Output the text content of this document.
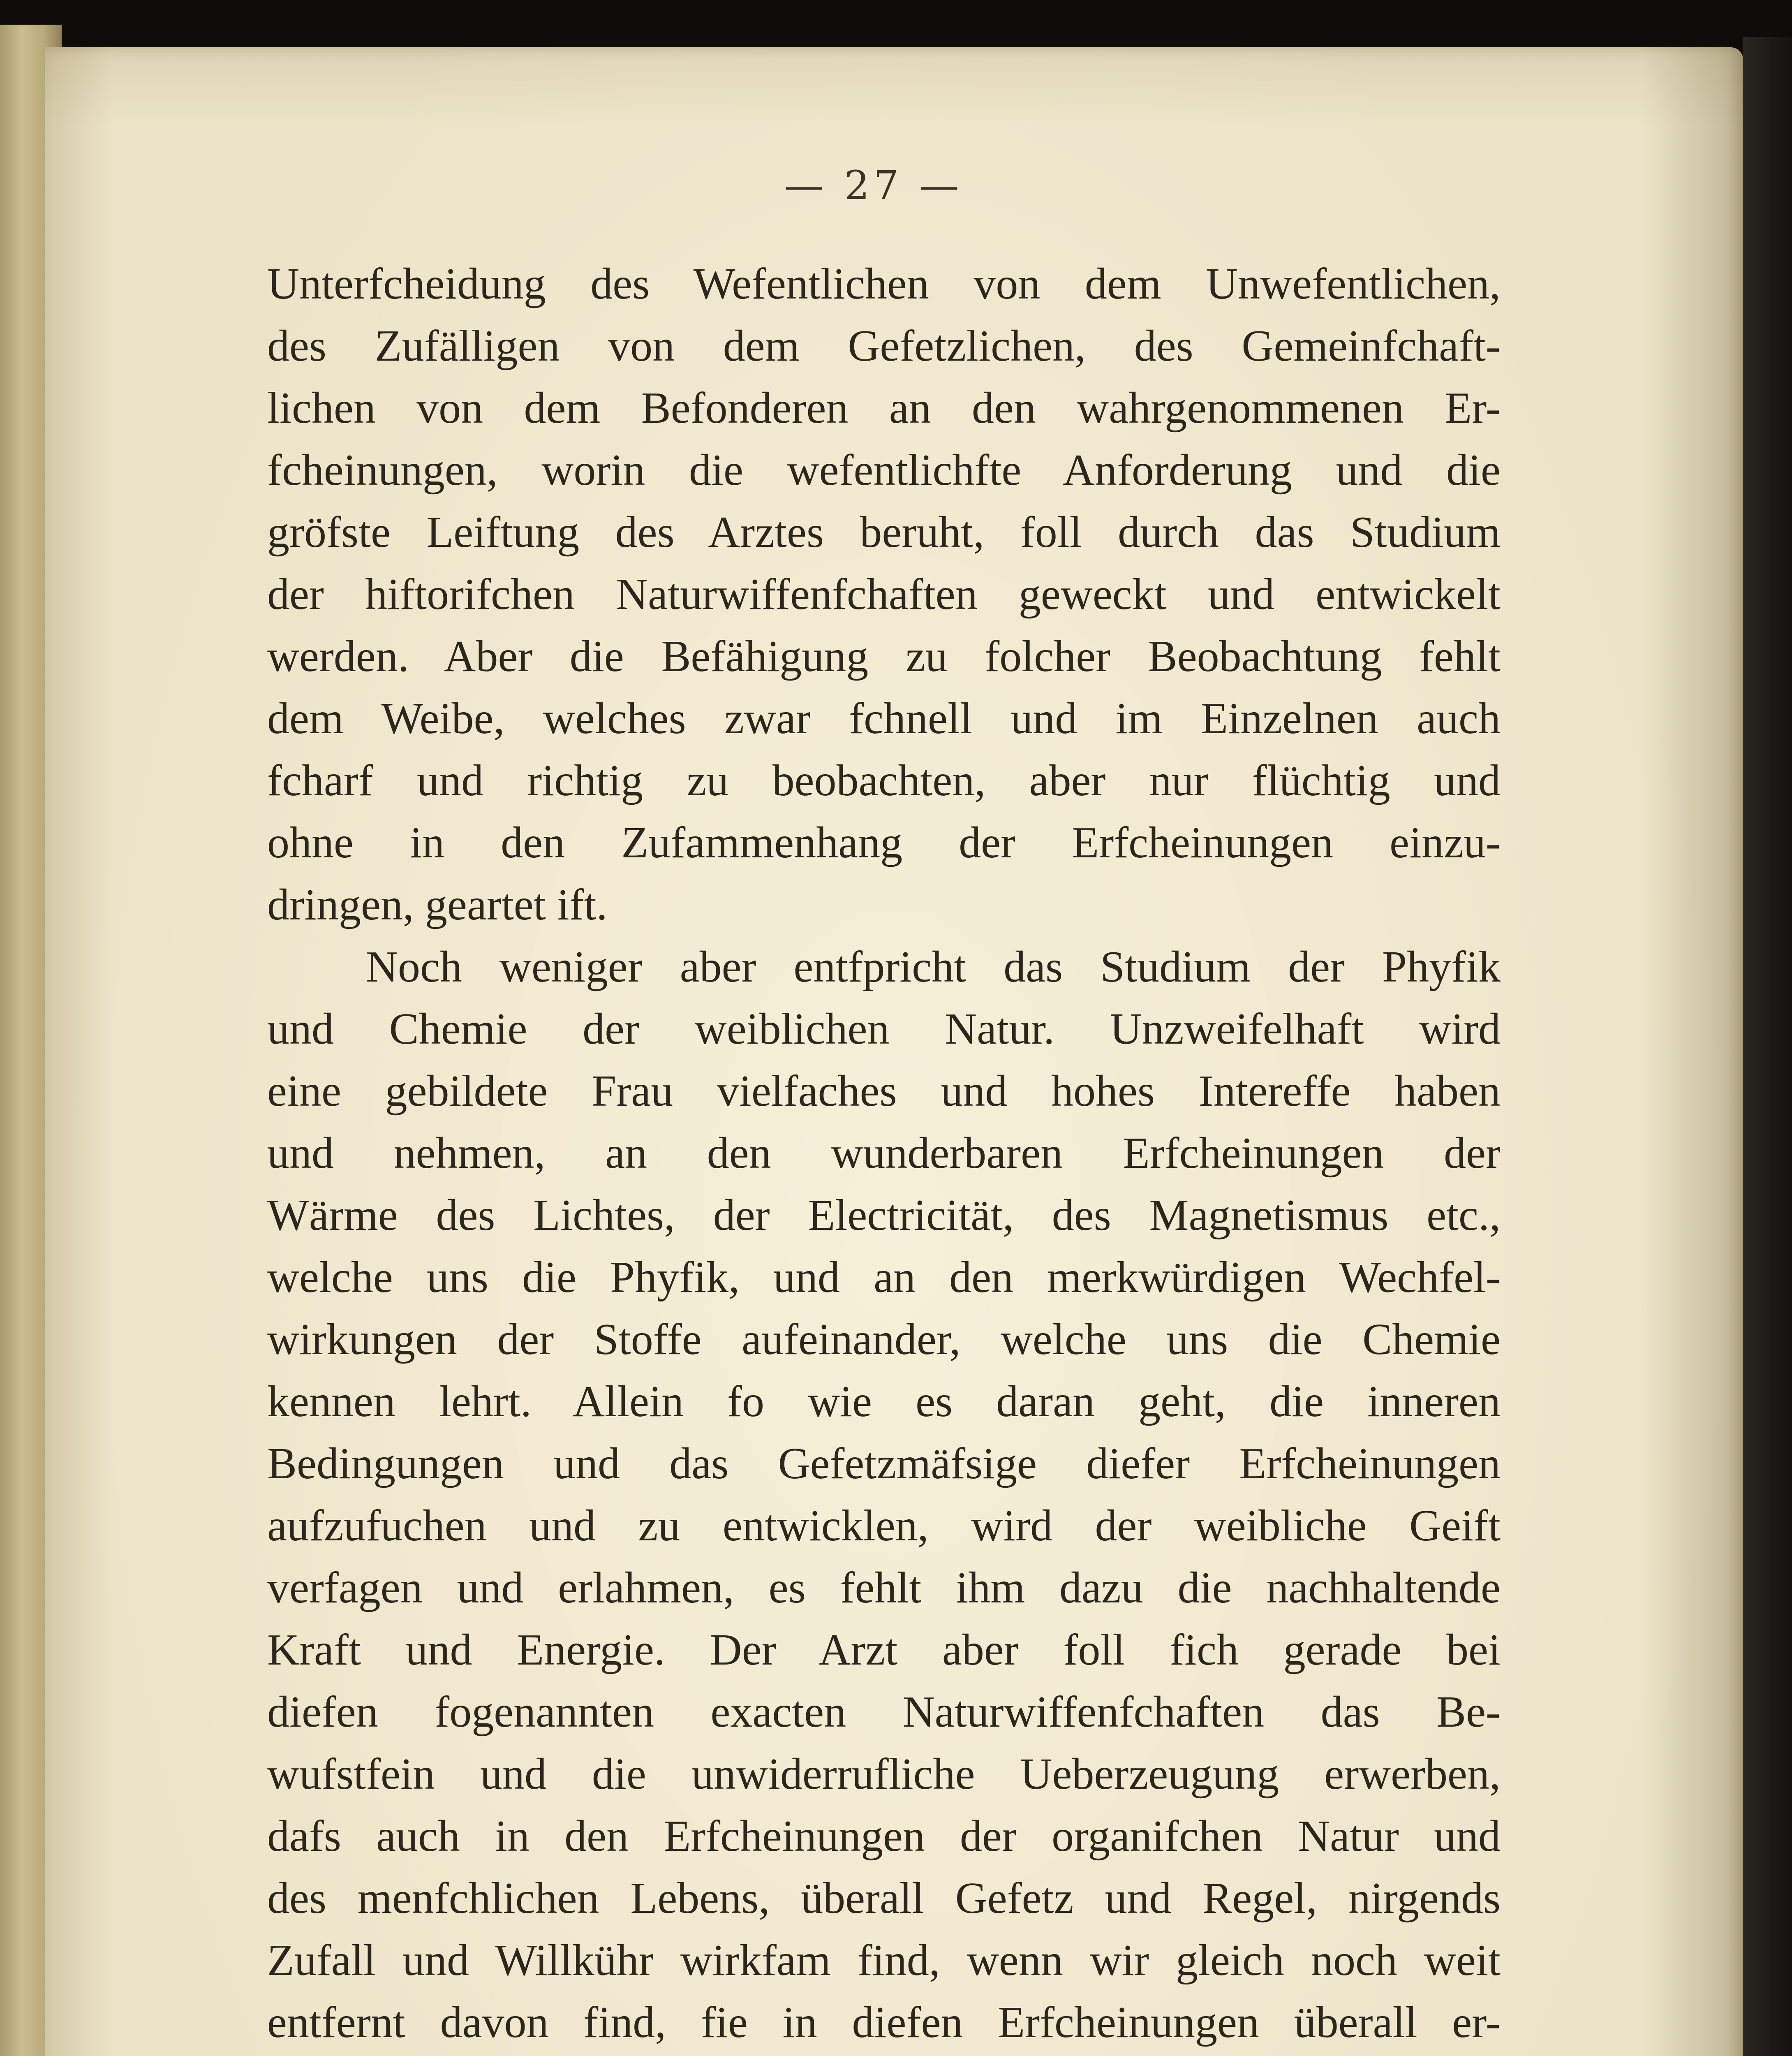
— 27 —
Unterfcheidung des Wefentlichen von dem Unwefentlichen,
des Zufälligen von dem Gefetzlichen, des Gemeinfchaft-
lichen von dem Befonderen an den wahrgenommenen Er-
fcheinungen, worin die wefentlichfte Anforderung und die
gröfste Leiftung des Arztes beruht, foll durch das Studium
der hiftorifchen Naturwiffenfchaften geweckt und entwickelt
werden. Aber die Befähigung zu folcher Beobachtung fehlt
dem Weibe, welches zwar fchnell und im Einzelnen auch
fcharf und richtig zu beobachten, aber nur flüchtig und
ohne in den Zufammenhang der Erfcheinungen einzu-
dringen, geartet ift.
Noch weniger aber entfpricht das Studium der Phyfik
und Chemie der weiblichen Natur. Unzweifelhaft wird
eine gebildete Frau vielfaches und hohes Intereffe haben
und nehmen, an den wunderbaren Erfcheinungen der
Wärme des Lichtes, der Electricität, des Magnetismus etc.,
welche uns die Phyfik, und an den merkwürdigen Wechfel-
wirkungen der Stoffe aufeinander, welche uns die Chemie
kennen lehrt. Allein fo wie es daran geht, die inneren
Bedingungen und das Gefetzmäfsige diefer Erfcheinungen
aufzufuchen und zu entwicklen, wird der weibliche Geift
verfagen und erlahmen, es fehlt ihm dazu die nachhaltende
Kraft und Energie. Der Arzt aber foll fich gerade bei
diefen fogenannten exacten Naturwiffenfchaften das Be-
wufstfein und die unwiderrufliche Ueberzeugung erwerben,
dafs auch in den Erfcheinungen der organifchen Natur und
des menfchlichen Lebens, überall Gefetz und Regel, nirgends
Zufall und Willkühr wirkfam find, wenn wir gleich noch weit
entfernt davon find, fie in diefen Erfcheinungen überall er-
